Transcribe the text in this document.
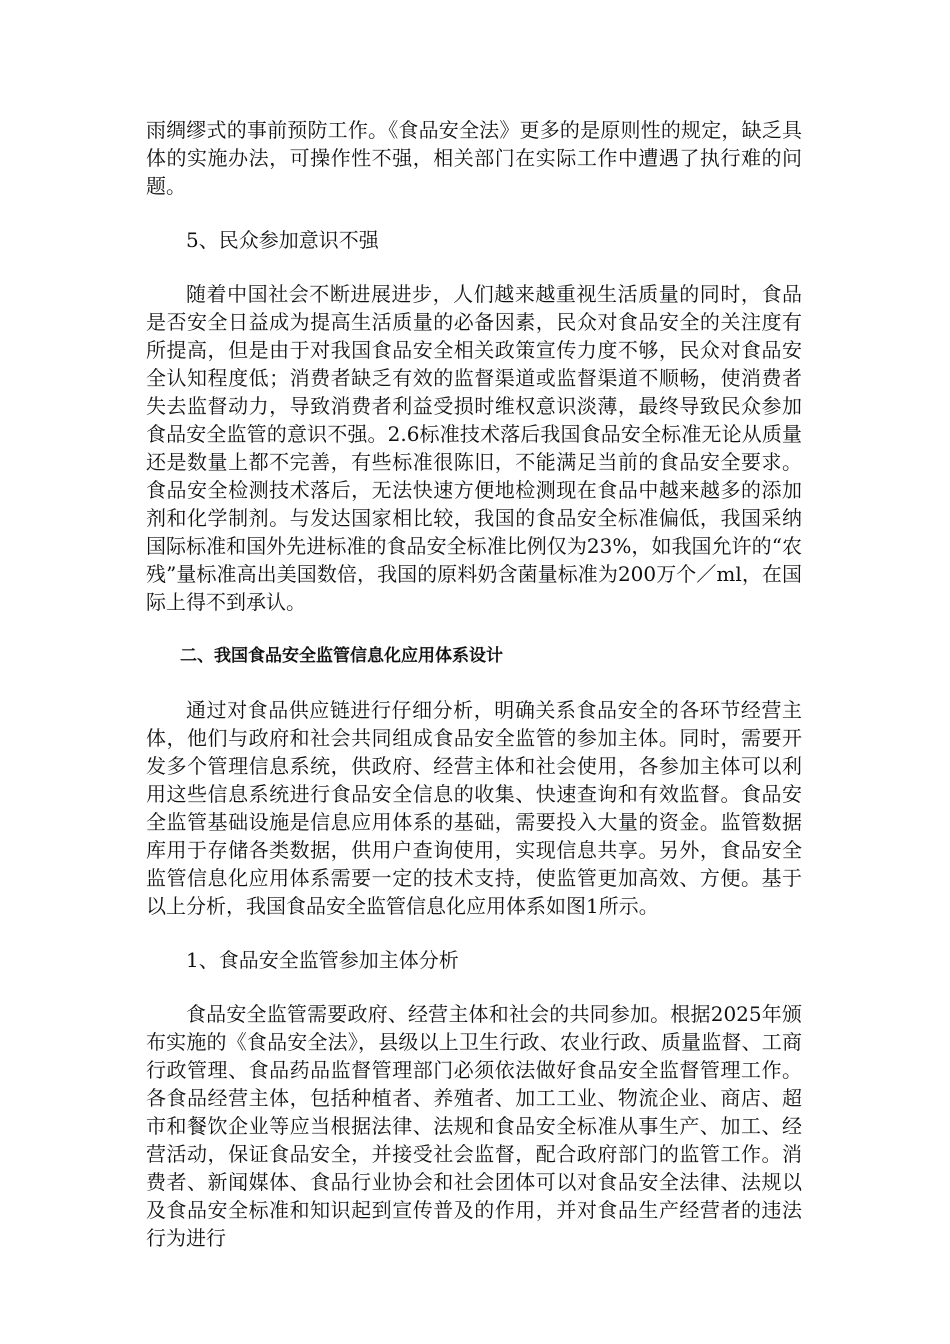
雨绸缪式的事前预防工作。《食品安全法》更多的是原则性的规定，缺乏具体的实施办法，可操作性不强，相关部门在实际工作中遭遇了执行难的问题。

5、民众参加意识不强

随着中国社会不断进展进步，人们越来越重视生活质量的同时，食品是否安全日益成为提高生活质量的必备因素，民众对食品安全的关注度有所提高，但是由于对我国食品安全相关政策宣传力度不够，民众对食品安全认知程度低；消费者缺乏有效的监督渠道或监督渠道不顺畅，使消费者失去监督动力，导致消费者利益受损时维权意识淡薄，最终导致民众参加食品安全监管的意识不强。2.6标准技术落后我国食品安全标准无论从质量还是数量上都不完善，有些标准很陈旧，不能满足当前的食品安全要求。食品安全检测技术落后，无法快速方便地检测现在食品中越来越多的添加剂和化学制剂。与发达国家相比较，我国的食品安全标准偏低，我国采纳国际标准和国外先进标准的食品安全标准比例仅为23%，如我国允许的“农残”量标准高出美国数倍，我国的原料奶含菌量标准为200万个／ml，在国际上得不到承认。

二、我国食品安全监管信息化应用体系设计

通过对食品供应链进行仔细分析，明确关系食品安全的各环节经营主体，他们与政府和社会共同组成食品安全监管的参加主体。同时，需要开发多个管理信息系统，供政府、经营主体和社会使用，各参加主体可以利用这些信息系统进行食品安全信息的收集、快速查询和有效监督。食品安全监管基础设施是信息应用体系的基础，需要投入大量的资金。监管数据库用于存储各类数据，供用户查询使用，实现信息共享。另外，食品安全监管信息化应用体系需要一定的技术支持，使监管更加高效、方便。基于以上分析，我国食品安全监管信息化应用体系如图1所示。

1、食品安全监管参加主体分析

食品安全监管需要政府、经营主体和社会的共同参加。根据2025年颁布实施的《食品安全法》，县级以上卫生行政、农业行政、质量监督、工商行政管理、食品药品监督管理部门必须依法做好食品安全监督管理工作。各食品经营主体，包括种植者、养殖者、加工工业、物流企业、商店、超市和餐饮企业等应当根据法律、法规和食品安全标准从事生产、加工、经营活动，保证食品安全，并接受社会监督，配合政府部门的监管工作。消费者、新闻媒体、食品行业协会和社会团体可以对食品安全法律、法规以及食品安全标准和知识起到宣传普及的作用，并对食品生产经营者的违法行为进行
